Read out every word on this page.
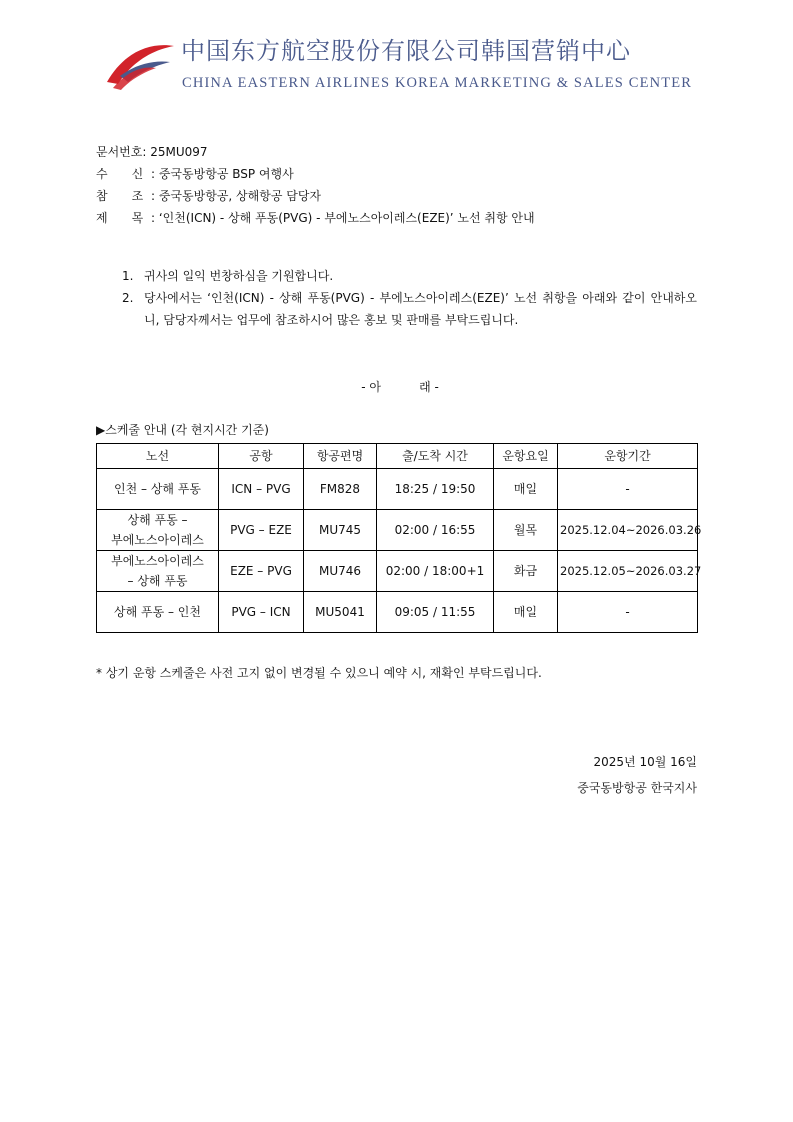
中国东方航空股份有限公司韩国营销中心
CHINA EASTERN AIRLINES KOREA MARKETING & SALES CENTER
문서번호: 25MU097
수신: 중국동방항공 BSP 여행사
참조: 중국동방항공, 상해항공 담당자
제목: ‘인천(ICN) - 상해 푸동(PVG) - 부에노스아이레스(EZE)’ 노선 취항 안내
1. 귀사의 일익 번창하심을 기원합니다.
2. 당사에서는 ‘인천(ICN) - 상해 푸동(PVG) - 부에노스아이레스(EZE)’ 노선 취항을 아래와 같이 안내하오니, 담당자께서는 업무에 참조하시어 많은 홍보 및 판매를 부탁드립니다.
- 아          래 -
▶스케줄 안내 (각 현지시간 기준)
노선	공항	항공편명	출/도착 시간	운항요일	운항기간
인천 – 상해 푸동	ICN – PVG	FM828	18:25 / 19:50	매일	-
상해 푸동 –
부에노스아이레스	PVG – EZE	MU745	02:00 / 16:55	월목	2025.12.04~2026.03.26
부에노스아이레스
– 상해 푸동	EZE – PVG	MU746	02:00 / 18:00+1	화금	2025.12.05~2026.03.27
상해 푸동 – 인천	PVG – ICN	MU5041	09:05 / 11:55	매일	-
* 상기 운항 스케줄은 사전 고지 없이 변경될 수 있으니 예약 시, 재확인 부탁드립니다.
2025년 10월 16일
중국동방항공 한국지사
